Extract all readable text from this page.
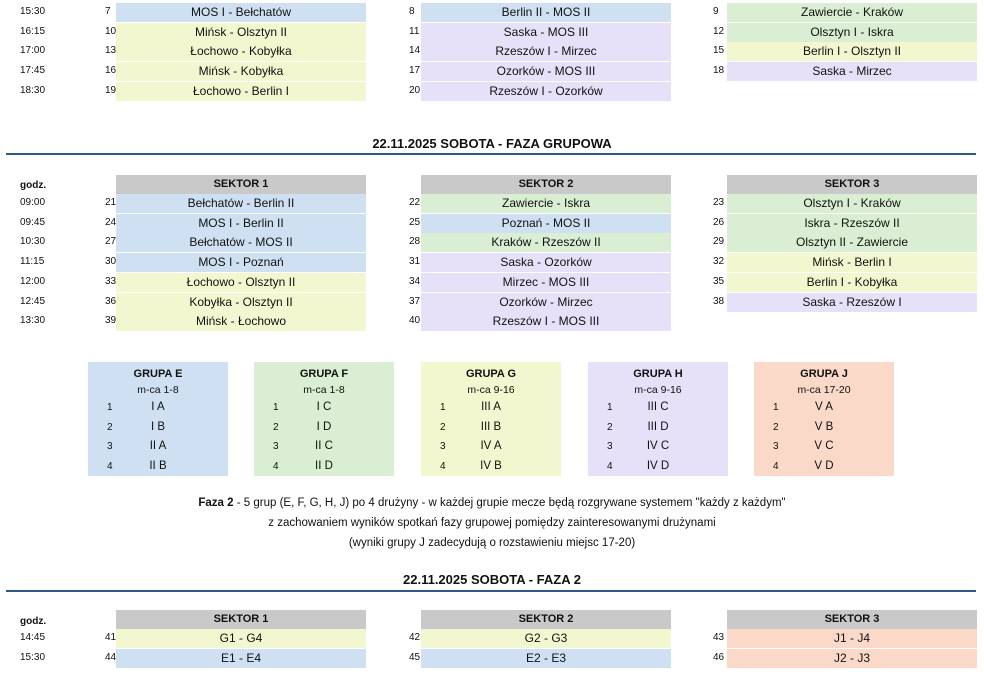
15:30	7	MOS I - Bełchatów	8	Berlin II - MOS II	9	Zawiercie - Kraków
16:15	10	Mińsk - Olsztyn II	11	Saska - MOS III	12	Olsztyn I - Iskra
17:00	13	Łochowo - Kobyłka	14	Rzeszów I - Mirzec	15	Berlin I - Olsztyn II
17:45	16	Mińsk - Kobyłka	17	Ozorków - MOS III	18	Saska - Mirzec
18:30	19	Łochowo - Berlin I	20	Rzeszów I - Ozorków
SEKTOR 1	SEKTOR 2	SEKTOR 3
09:00	21	Bełchatów - Berlin II	22	Zawiercie - Iskra	23	Olsztyn I - Kraków
09:45	24	MOS I - Berlin II	25	Poznań - MOS II	26	Iskra - Rzeszów II
10:30	27	Bełchatów - MOS II	28	Kraków - Rzeszów II	29	Olsztyn II - Zawiercie
11:15	30	MOS I - Poznań	31	Saska - Ozorków	32	Mińsk - Berlin I
12:00	33	Łochowo - Olsztyn II	34	Mirzec - MOS III	35	Berlin I - Kobyłka
12:45	36	Kobyłka - Olsztyn II	37	Ozorków - Mirzec	38	Saska - Rzeszów I
13:30	39	Mińsk - Łochowo	40	Rzeszów I - MOS III
SEKTOR 1	SEKTOR 2	SEKTOR 3
14:45	41	G1 - G4	42	G2 - G3	43	J1 - J4
15:30	44	E1 - E4	45	E2 - E3	46	J2 - J3
GRUPA E
m-ca 1-8
1	I A
2	I B
3	II A
4	II B
GRUPA F
m-ca 1-8
1	I C
2	I D
3	II C
4	II D
GRUPA G
m-ca 9-16
1	III A
2	III B
3	IV A
4	IV B
GRUPA H
m-ca 9-16
1	III C
2	III D
3	IV C
4	IV D
GRUPA J
m-ca 17-20
1	V A
2	V B
3	V C
4	V D
22.11.2025 SOBOTA - FAZA GRUPOWA
godz.
22.11.2025 SOBOTA - FAZA 2
godz.
Faza 2 - 5 grup (E, F, G, H, J) po 4 drużyny - w każdej grupie mecze będą rozgrywane systemem "każdy z każdym"
z zachowaniem wyników spotkań fazy grupowej pomiędzy zainteresowanymi drużynami
(wyniki grupy J zadecydują o rozstawieniu miejsc 17-20)
